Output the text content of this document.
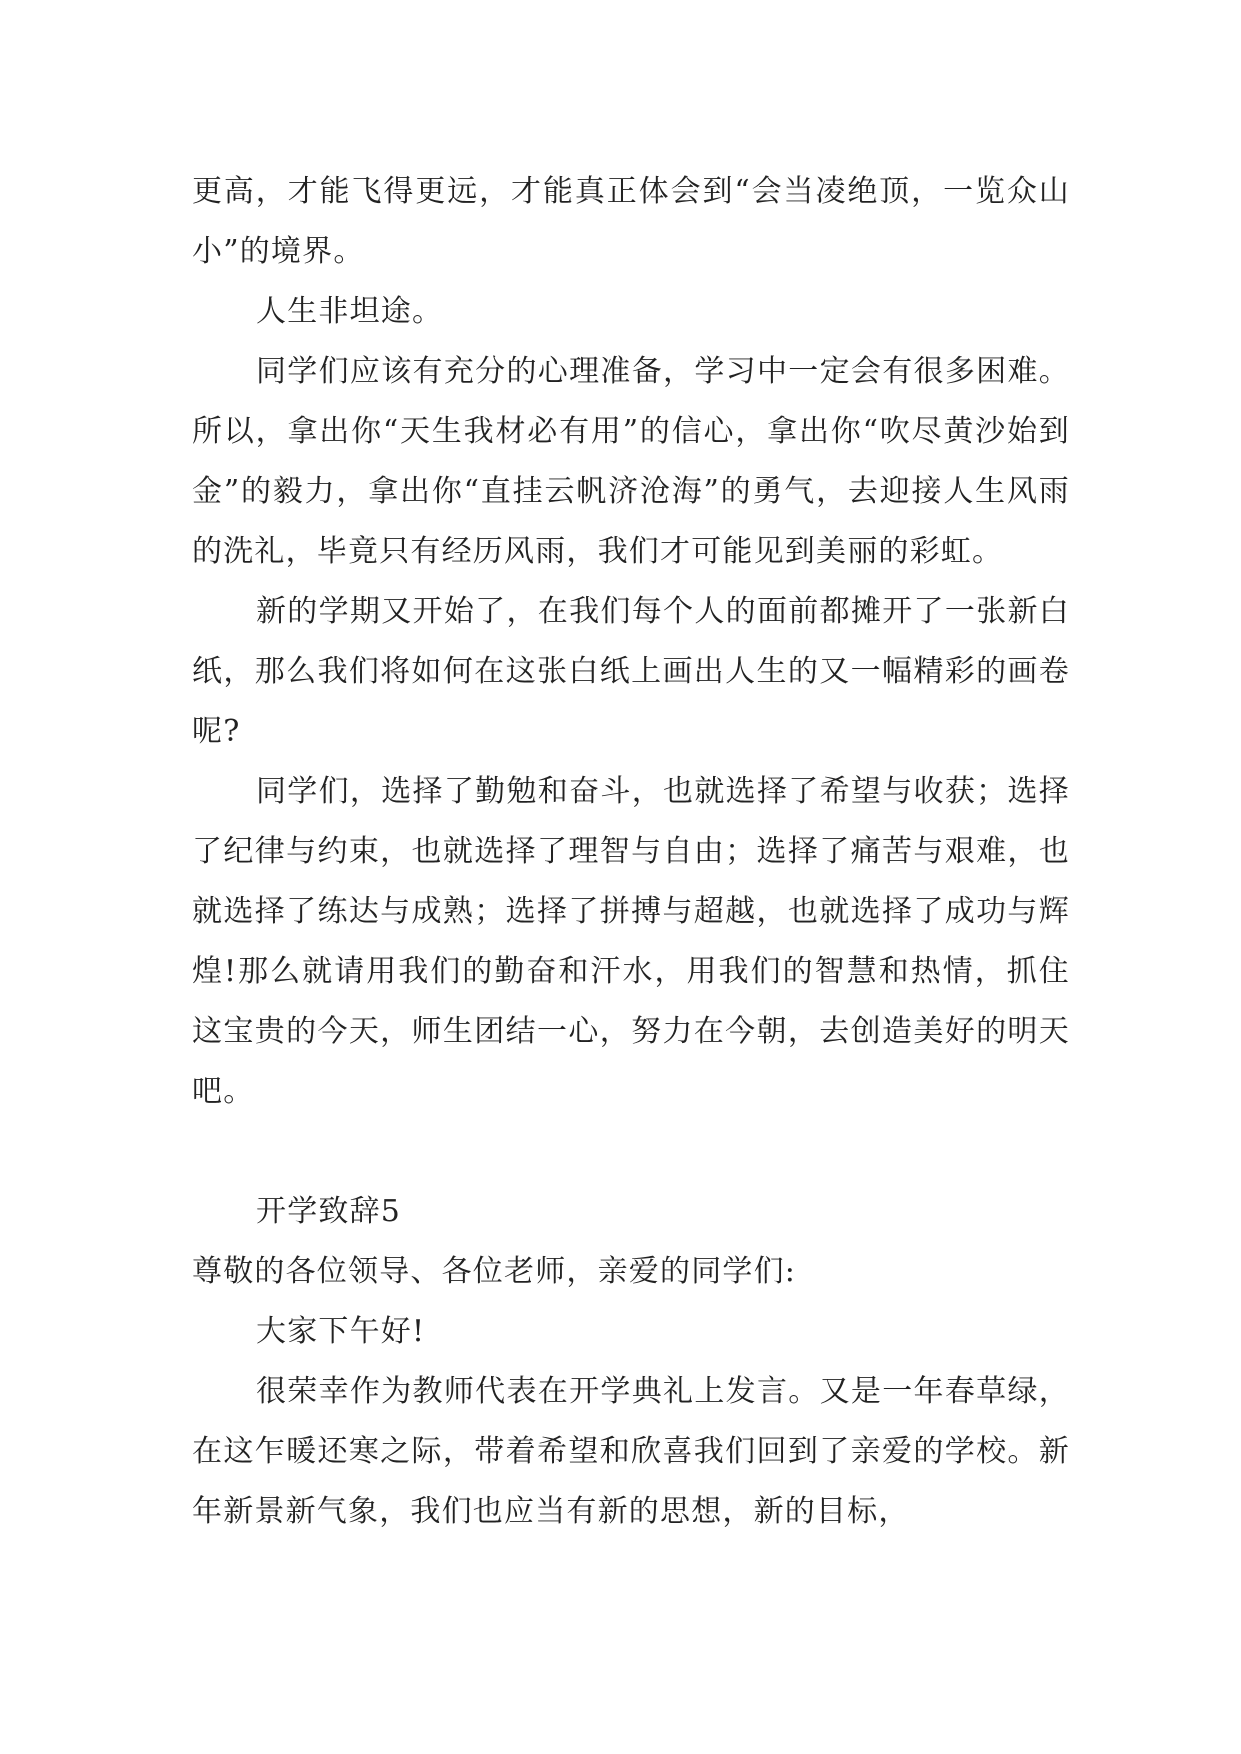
更高，才能飞得更远，才能真正体会到“会当凌绝顶，一览众山小”的境界。

人生非坦途。

同学们应该有充分的心理准备，学习中一定会有很多困难。所以，拿出你“天生我材必有用”的信心，拿出你“吹尽黄沙始到金”的毅力，拿出你“直挂云帆济沧海”的勇气，去迎接人生风雨的洗礼，毕竟只有经历风雨，我们才可能见到美丽的彩虹。

新的学期又开始了，在我们每个人的面前都摊开了一张新白纸，那么我们将如何在这张白纸上画出人生的又一幅精彩的画卷呢?

同学们，选择了勤勉和奋斗，也就选择了希望与收获；选择了纪律与约束，也就选择了理智与自由；选择了痛苦与艰难，也就选择了练达与成熟；选择了拼搏与超越，也就选择了成功与辉煌!那么就请用我们的勤奋和汗水，用我们的智慧和热情，抓住这宝贵的今天，师生团结一心，努力在今朝，去创造美好的明天吧。

开学致辞5

尊敬的各位领导、各位老师，亲爱的同学们:

大家下午好!

很荣幸作为教师代表在开学典礼上发言。又是一年春草绿，在这乍暖还寒之际，带着希望和欣喜我们回到了亲爱的学校。新年新景新气象，我们也应当有新的思想，新的目标，
